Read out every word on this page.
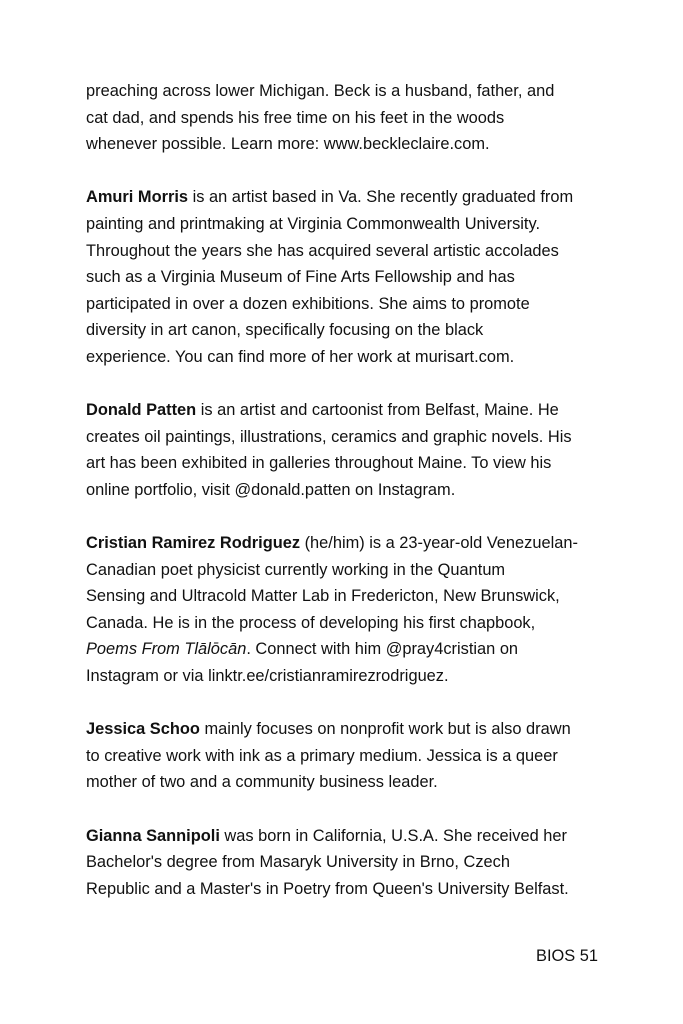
preaching across lower Michigan. Beck is a husband, father, and
cat dad, and spends his free time on his feet in the woods
whenever possible. Learn more: www.beckleclaire.com.

Amuri Morris is an artist based in Va. She recently graduated from
painting and printmaking at Virginia Commonwealth University.
Throughout the years she has acquired several artistic accolades
such as a Virginia Museum of Fine Arts Fellowship and has
participated in over a dozen exhibitions. She aims to promote
diversity in art canon, specifically focusing on the black
experience. You can find more of her work at murisart.com.

Donald Patten is an artist and cartoonist from Belfast, Maine. He
creates oil paintings, illustrations, ceramics and graphic novels. His
art has been exhibited in galleries throughout Maine. To view his
online portfolio, visit @donald.patten on Instagram.

Cristian Ramirez Rodriguez (he/him) is a 23-year-old Venezuelan-
Canadian poet physicist currently working in the Quantum
Sensing and Ultracold Matter Lab in Fredericton, New Brunswick,
Canada. He is in the process of developing his first chapbook,
Poems From Tlālōcān. Connect with him @pray4cristian on
Instagram or via linktr.ee/cristianramirezrodriguez.

Jessica Schoo mainly focuses on nonprofit work but is also drawn
to creative work with ink as a primary medium. Jessica is a queer
mother of two and a community business leader.

Gianna Sannipoli was born in California, U.S.A. She received her
Bachelor's degree from Masaryk University in Brno, Czech
Republic and a Master's in Poetry from Queen's University Belfast.

BIOS 51
